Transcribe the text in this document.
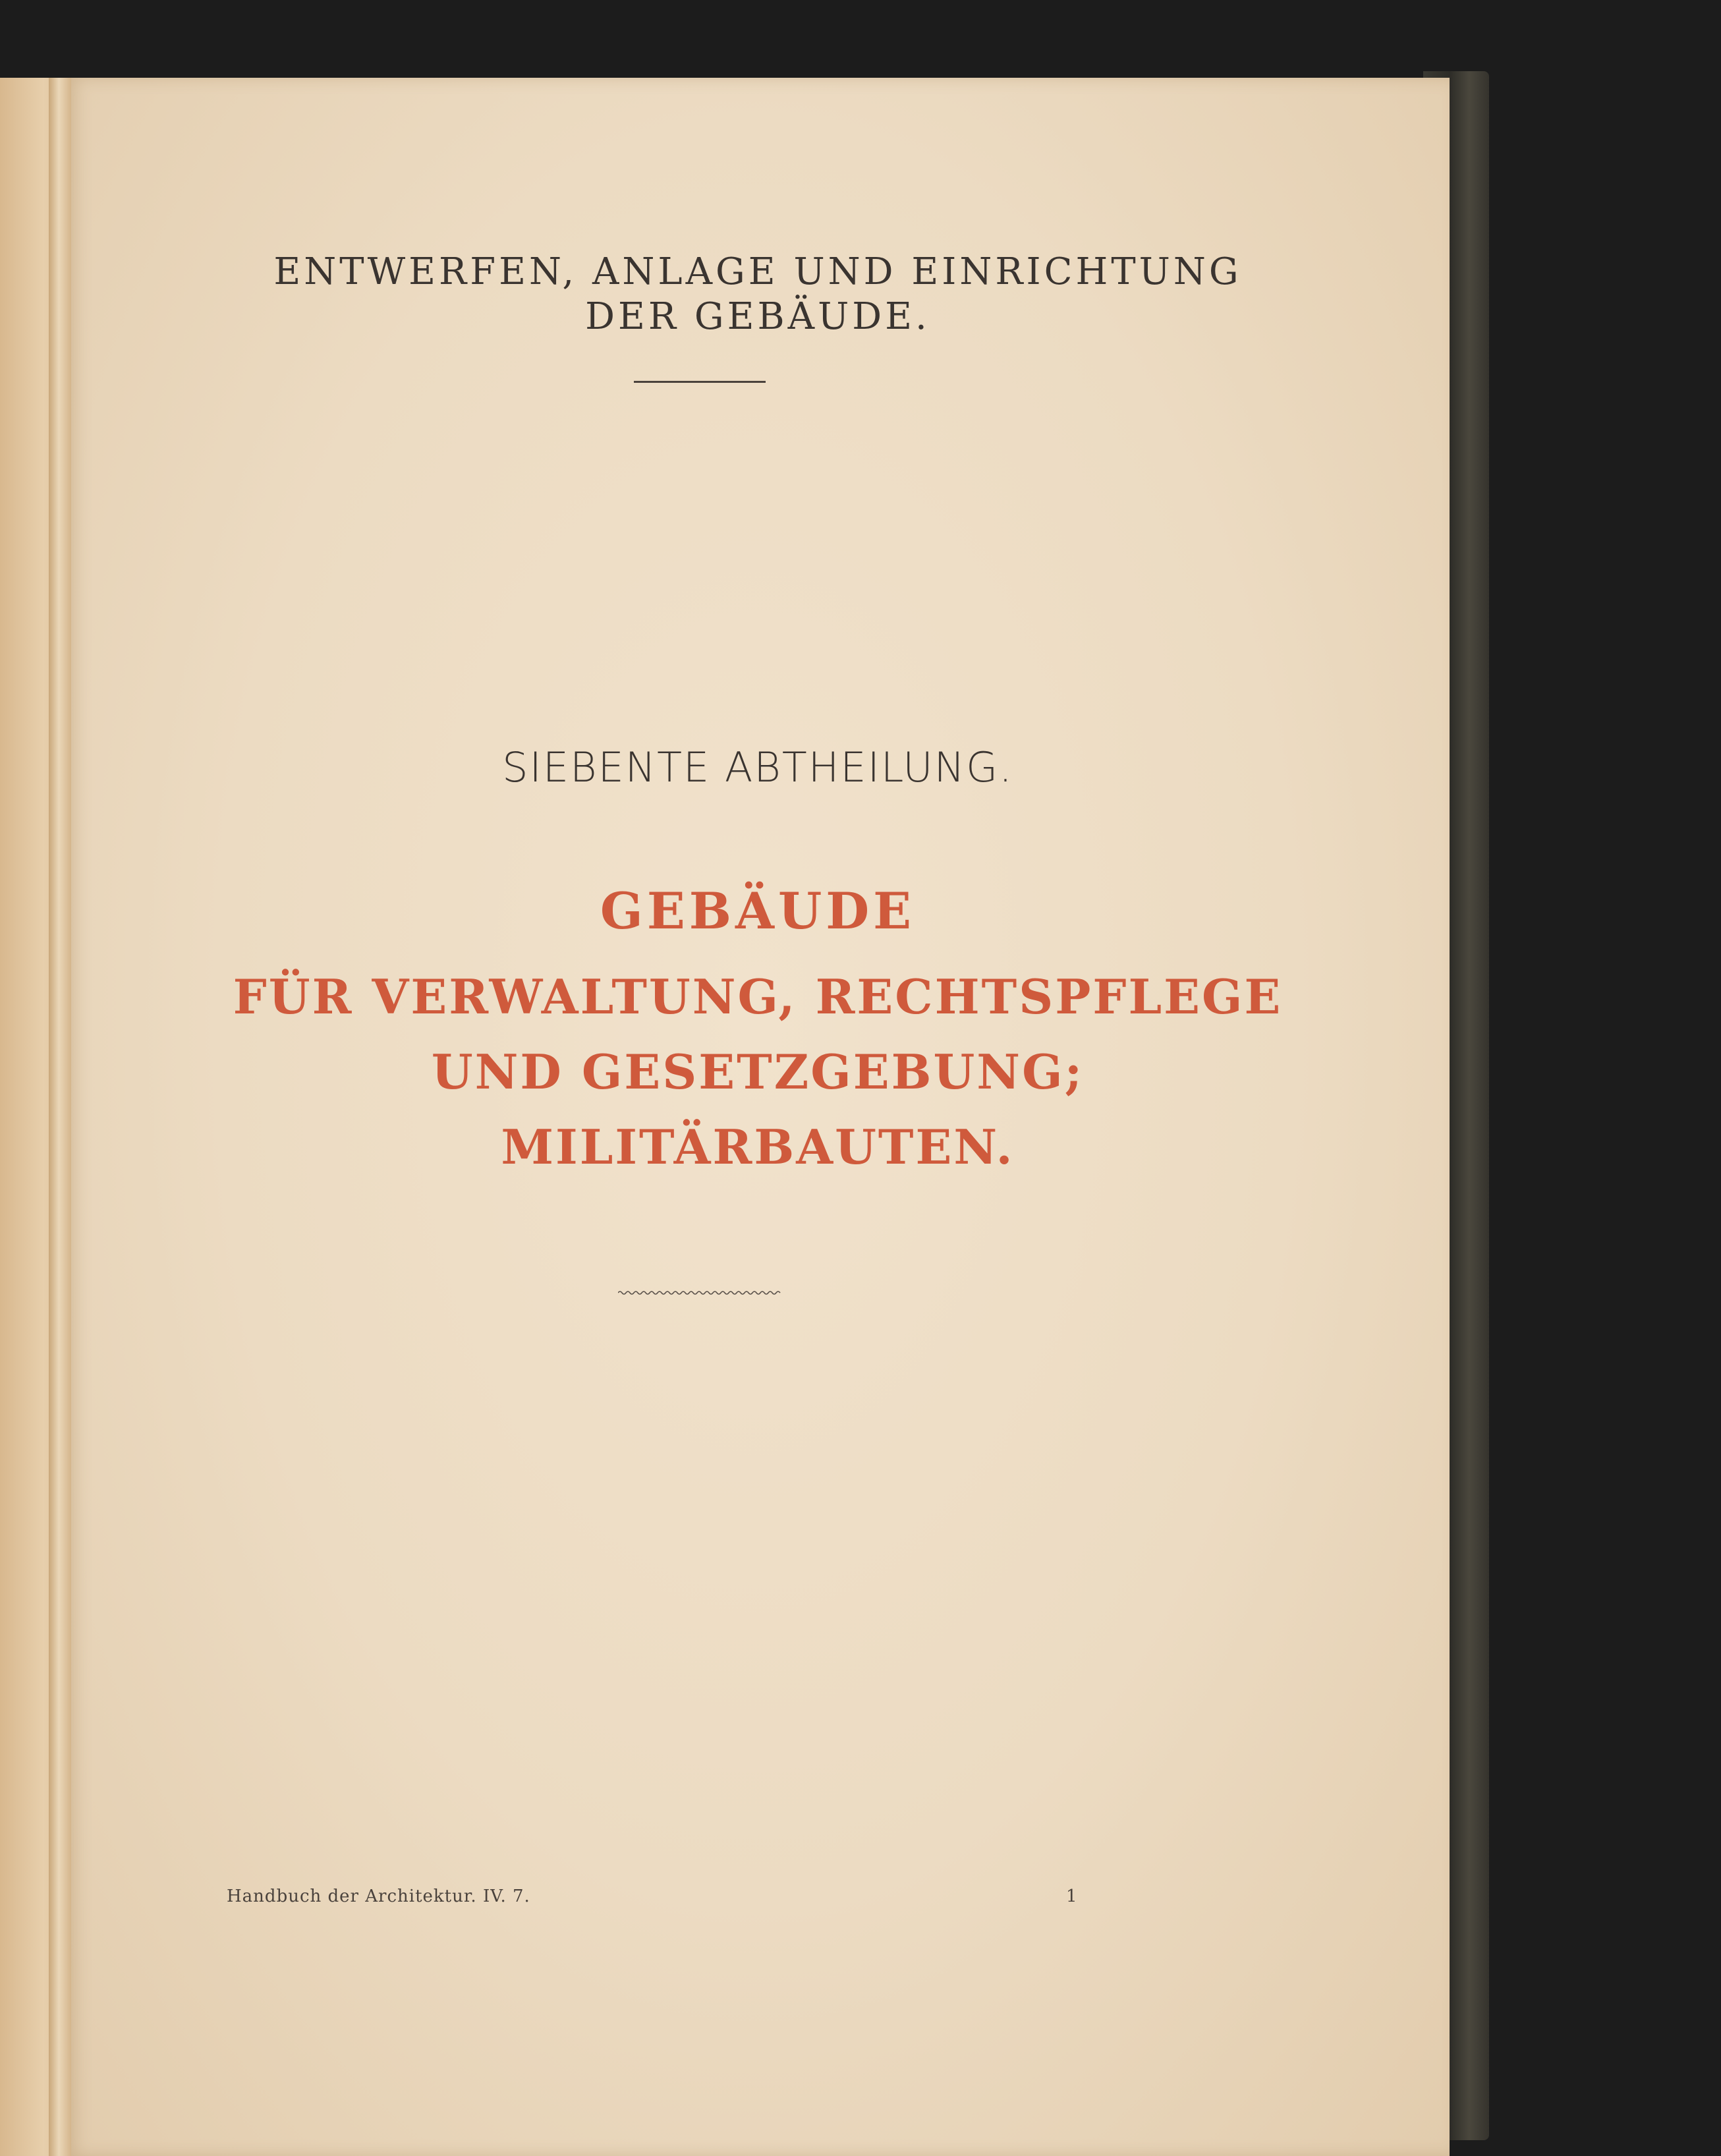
ENTWERFEN, ANLAGE UND EINRICHTUNG
DER GEBÄUDE.
SIEBENTE ABTHEILUNG.
GEBÄUDE
FÜR VERWALTUNG, RECHTSPFLEGE
UND GESETZGEBUNG;
MILITÄRBAUTEN.
Handbuch der Architektur. IV. 7.	1
